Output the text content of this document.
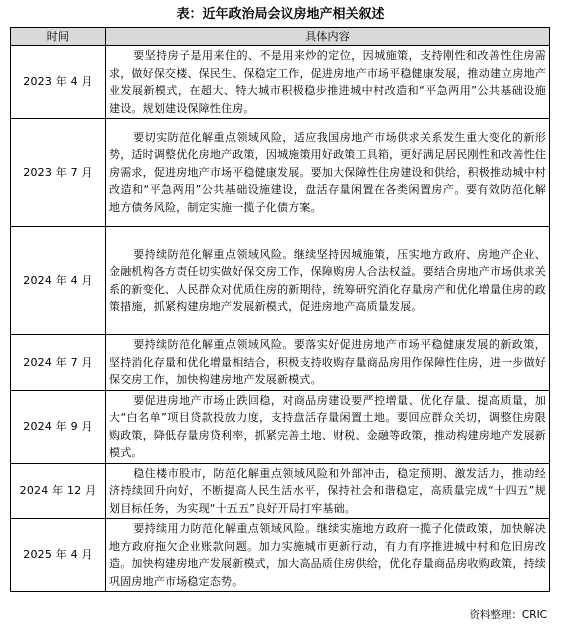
表：近年政治局会议房地产相关叙述
时间	具体内容
2023 年 4 月	要坚持房子是用来住的、不是用来炒的定位，因城施策，支持刚性和改善性住房需求，做好保交楼、保民生、保稳定工作，促进房地产市场平稳健康发展，推动建立房地产业发展新模式，在超大、特大城市积极稳步推进城中村改造和“平急两用”公共基础设施建设。规划建设保障性住房。
2023 年 7 月	要切实防范化解重点领域风险，适应我国房地产市场供求关系发生重大变化的新形势，适时调整优化房地产政策，因城施策用好政策工具箱，更好满足居民刚性和改善性住房需求，促进房地产市场平稳健康发展。要加大保障性住房建设和供给，积极推动城中村改造和“平急两用”公共基础设施建设，盘活存量闲置在各类闲置房产。要有效防范化解地方债务风险，制定实施一揽子化债方案。
2024 年 4 月	要持续防范化解重点领域风险。继续坚持因城施策，压实地方政府、房地产企业、金融机构各方责任切实做好保交房工作，保障购房人合法权益。要结合房地产市场供求关系的新变化、人民群众对优质住房的新期待，统筹研究消化存量房产和优化增量住房的政策措施，抓紧构建房地产发展新模式，促进房地产高质量发展。
2024 年 7 月	要持续防范化解重点领域风险。要落实好促进房地产市场平稳健康发展的新政策，坚持消化存量和优化增量相结合，积极支持收购存量商品房用作保障性住房，进一步做好保交房工作，加快构建房地产发展新模式。
2024 年 9 月	要促进房地产市场止跌回稳，对商品房建设要严控增量、优化存量、提高质量，加大“白名单”项目贷款投放力度，支持盘活存量闲置土地。要回应群众关切，调整住房限购政策，降低存量房贷利率，抓紧完善土地、财税、金融等政策，推动构建房地产发展新模式。
2024 年 12 月	稳住楼市股市，防范化解重点领域风险和外部冲击，稳定预期、激发活力，推动经济持续回升向好，不断提高人民生活水平，保持社会和谐稳定，高质量完成“十四五”规划目标任务，为实现“十五五”良好开局打牢基础。
2025 年 4 月	要持续用力防范化解重点领域风险。继续实施地方政府一揽子化债政策，加快解决地方政府拖欠企业账款问题。加力实施城市更新行动，有力有序推进城中村和危旧房改造。加快构建房地产发展新模式，加大高品质住房供给，优化存量商品房收购政策，持续巩固房地产市场稳定态势。
资料整理：CRIC
